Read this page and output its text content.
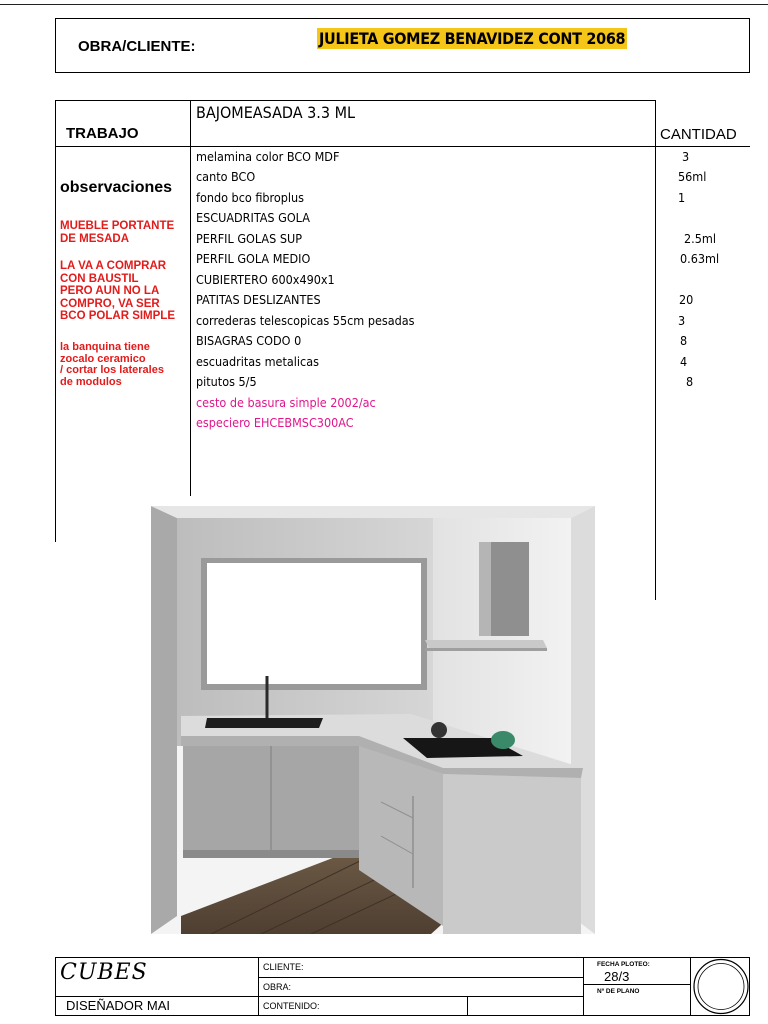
OBRA/CLIENTE:	JULIETA GOMEZ BENAVIDEZ CONT 2068
TRABAJO	CANTIDAD
BAJOMEASADA 3.3 ML
melamina color BCO MDF
canto BCO
fondo bco fibroplus
ESCUADRITAS GOLA
PERFIL GOLAS SUP
PERFIL GOLA MEDIO
CUBIERTERO 600x490x1
PATITAS DESLIZANTES
correderas telescopicas 55cm pesadas
BISAGRAS CODO 0
escuadritas metalicas
pitutos 5/5
cesto de basura simple 2002/ac
especiero EHCEBMSC300AC
3
56ml
1
2.5ml
0.63ml
20
3
8
4
8
observaciones
MUEBLE PORTANTE
DE MESADA
LA VA A COMPRAR
CON BAUSTIL
PERO AUN NO LA
COMPRO, VA SER
BCO POLAR SIMPLE
la banquina tiene
zocalo ceramico
/ cortar los laterales
de modulos
CUBES
DISEÑADOR MAI
CLIENTE:
OBRA:
CONTENIDO:
FECHA PLOTEO:
28/3
Nº DE PLANO
